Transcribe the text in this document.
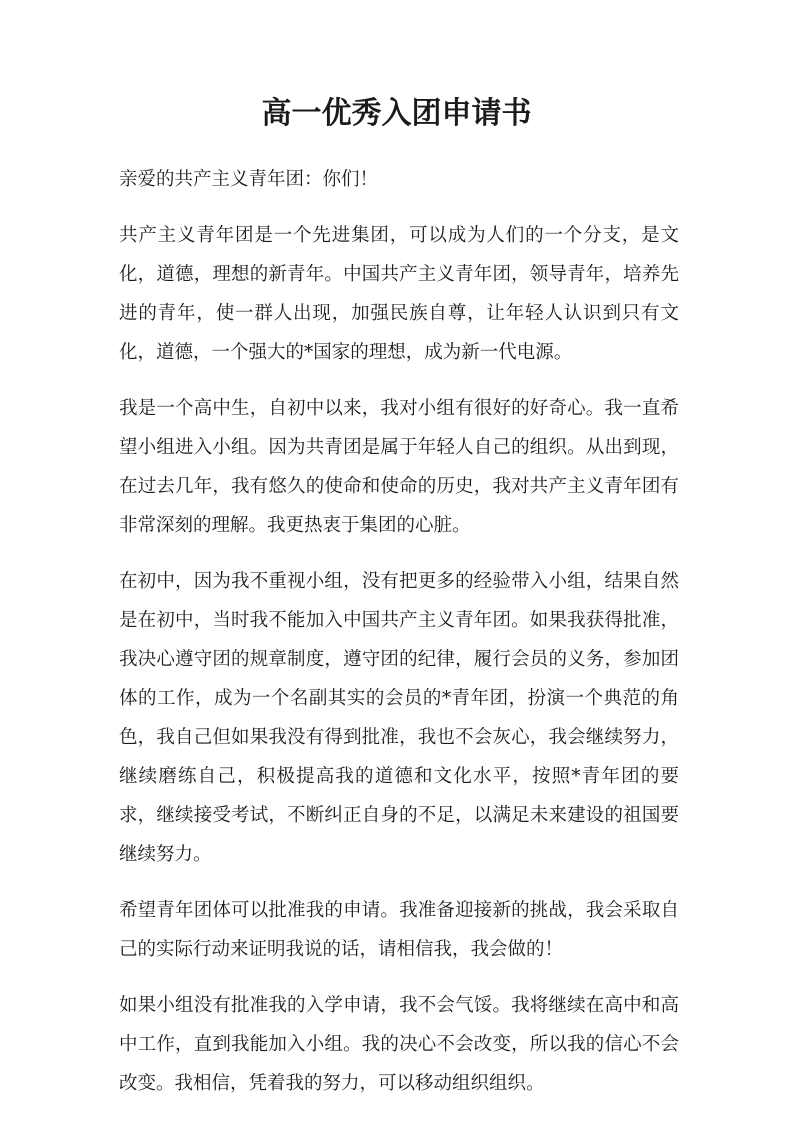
高一优秀入团申请书

亲爱的共产主义青年团：你们！

共产主义青年团是一个先进集团，可以成为人们的一个分支，是文化，道德，理想的新青年。中国共产主义青年团，领导青年，培养先进的青年，使一群人出现，加强民族自尊，让年轻人认识到只有文化，道德，一个强大的*国家的理想，成为新一代电源。

我是一个高中生，自初中以来，我对小组有很好的好奇心。我一直希望小组进入小组。因为共青团是属于年轻人自己的组织。从出到现，在过去几年，我有悠久的使命和使命的历史，我对共产主义青年团有非常深刻的理解。我更热衷于集团的心脏。

在初中，因为我不重视小组，没有把更多的经验带入小组，结果自然是在初中，当时我不能加入中国共产主义青年团。如果我获得批准，我决心遵守团的规章制度，遵守团的纪律，履行会员的义务，参加团体的工作，成为一个名副其实的会员的*青年团，扮演一个典范的角色，我自己但如果我没有得到批准，我也不会灰心，我会继续努力，继续磨练自己，积极提高我的道德和文化水平，按照*青年团的要求，继续接受考试，不断纠正自身的不足，以满足未来建设的祖国要继续努力。

希望青年团体可以批准我的申请。我准备迎接新的挑战，我会采取自己的实际行动来证明我说的话，请相信我，我会做的！

如果小组没有批准我的入学申请，我不会气馁。我将继续在高中和高中工作，直到我能加入小组。我的决心不会改变，所以我的信心不会改变。我相信，凭着我的努力，可以移动组织组织。
